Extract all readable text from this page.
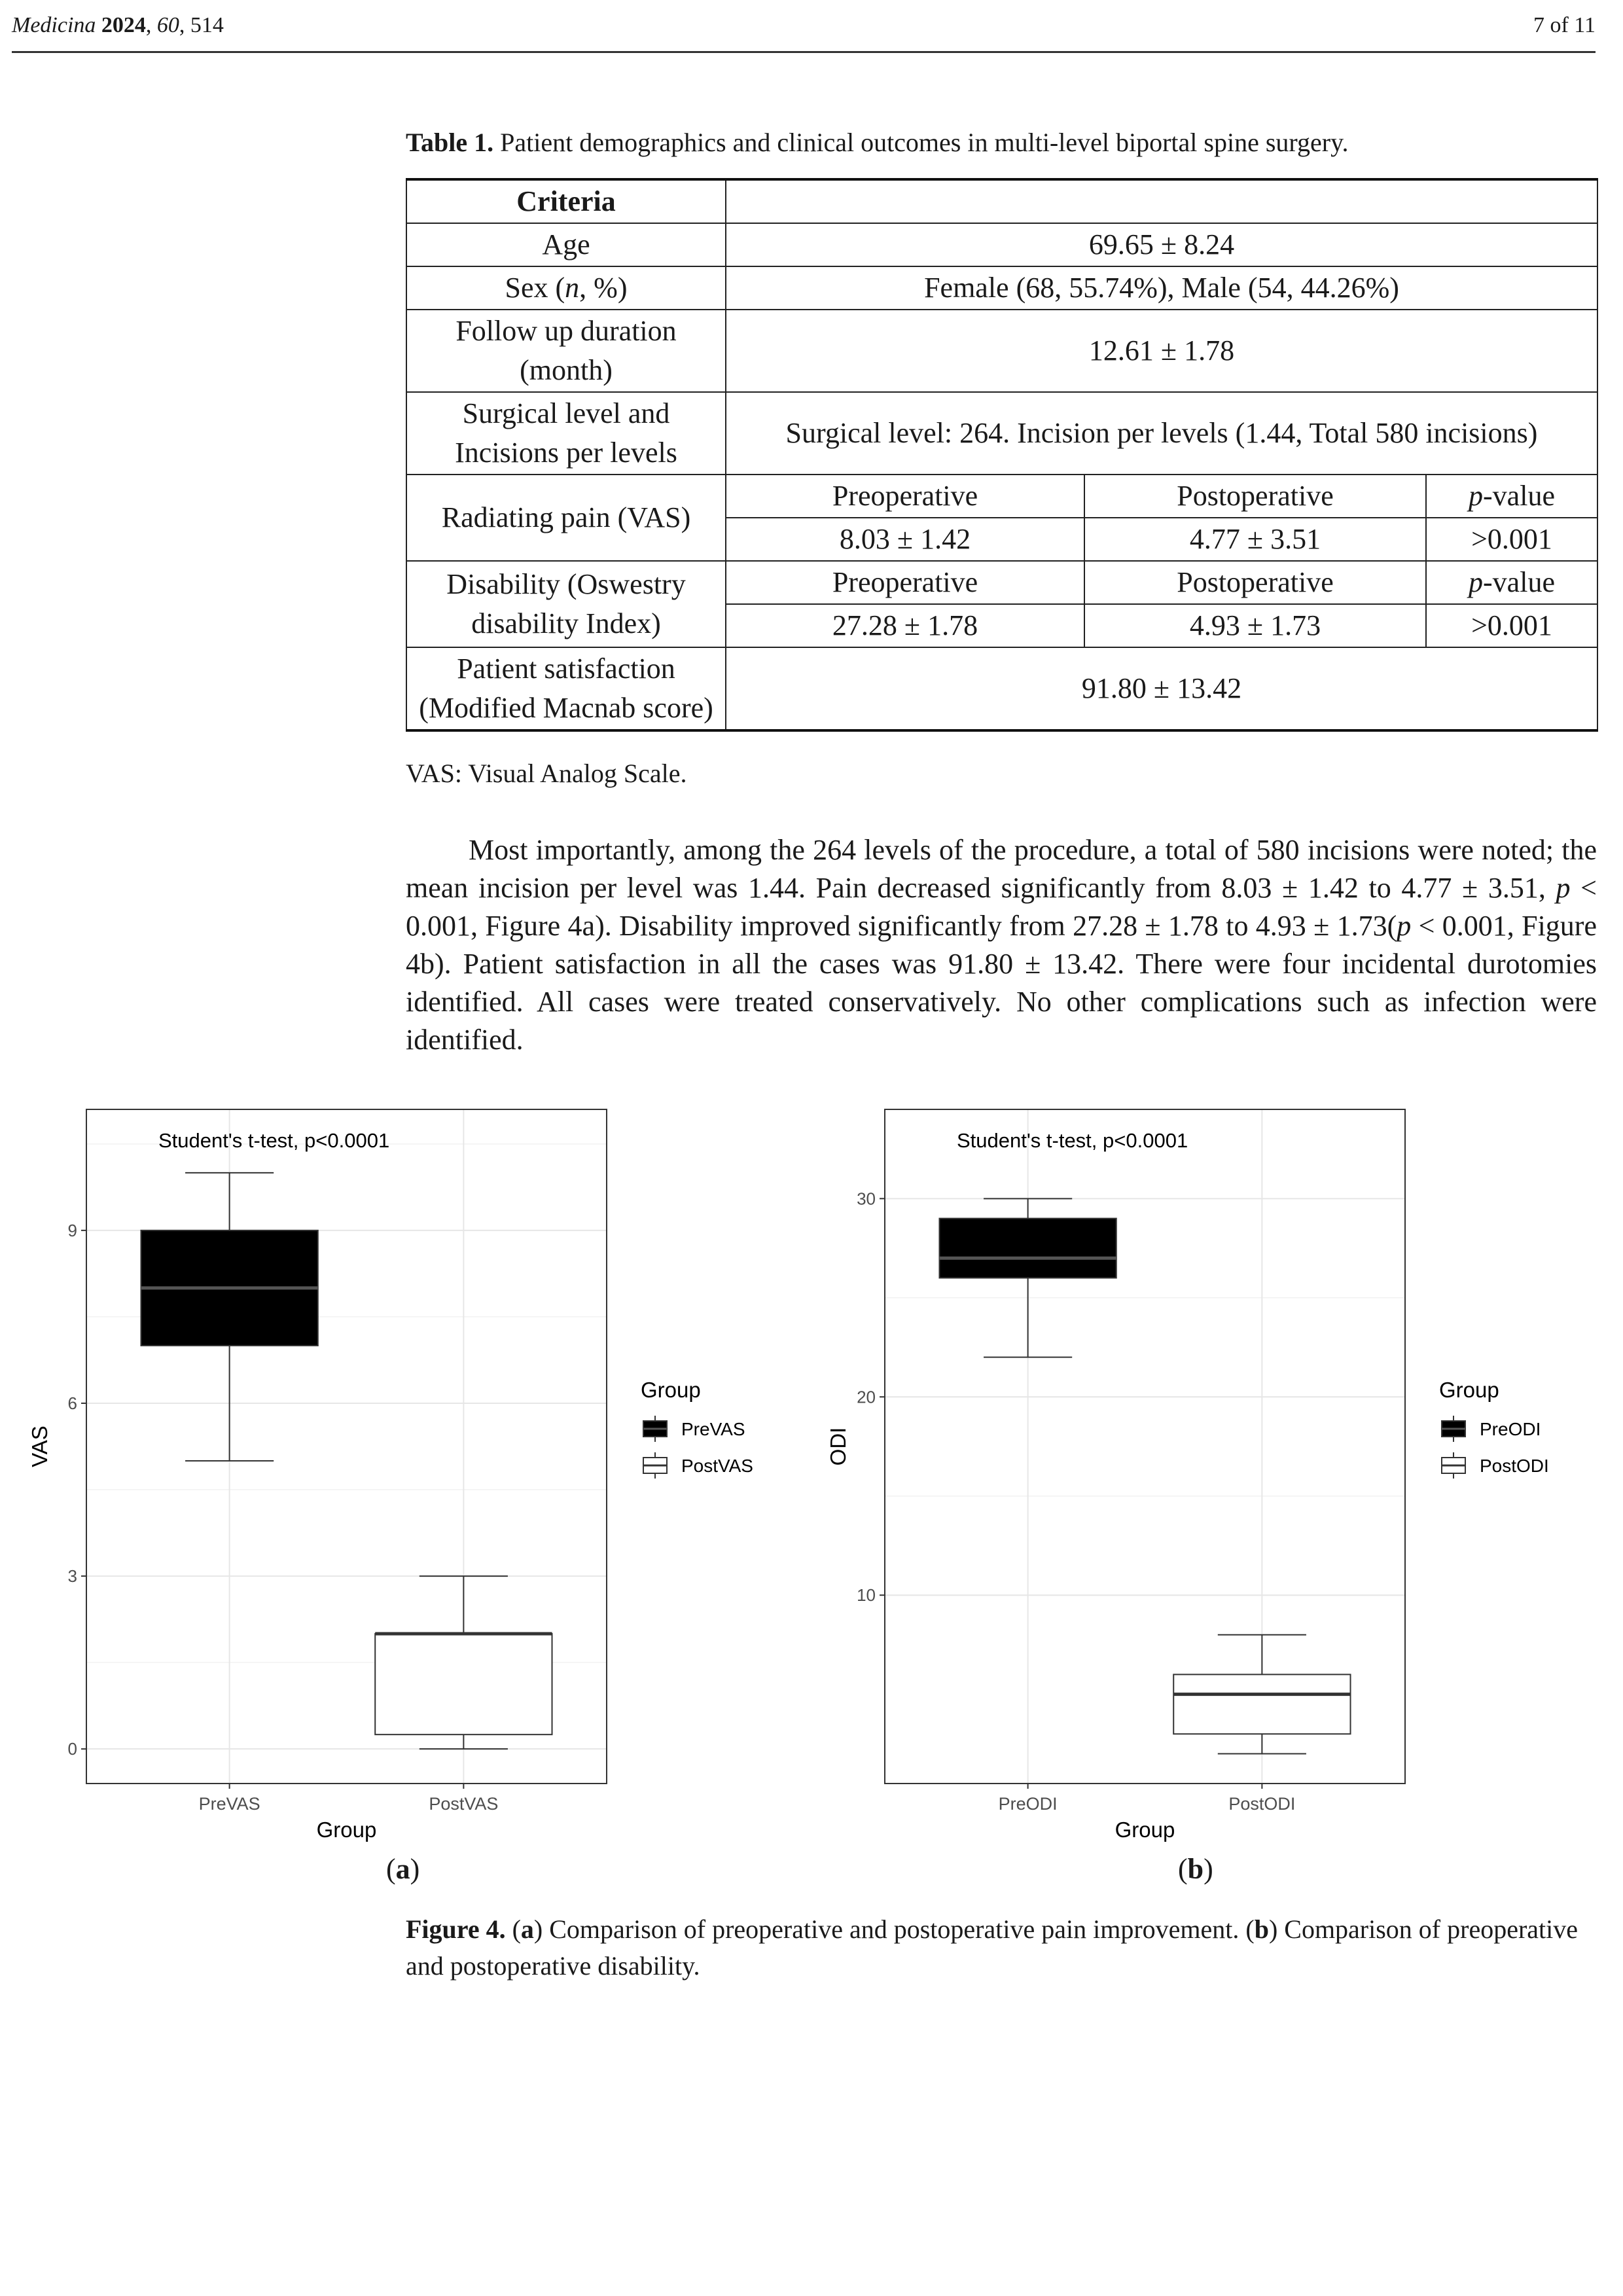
Medicina 2024, 60, 514	7 of 11
Table 1. Patient demographics and clinical outcomes in multi-level biportal spine surgery.
Criteria			
Age	69.65 ± 8.24		
Sex (n, %)	Female (68, 55.74%), Male (54, 44.26%)		
Follow up duration (month)	12.61 ± 1.78		
Surgical level and Incisions per levels	Surgical level: 264. Incision per levels (1.44, Total 580 incisions)		
Radiating pain (VAS)	Preoperative	Postoperative	p-value
	8.03 ± 1.42	4.77 ± 3.51	>0.001
Disability (Oswestry disability Index)	Preoperative	Postoperative	p-value
	27.28 ± 1.78	4.93 ± 1.73	>0.001
Patient satisfaction (Modified Macnab score)	91.80 ± 13.42		
VAS: Visual Analog Scale.
Most importantly, among the 264 levels of the procedure, a total of 580 incisions were noted; the mean incision per level was 1.44. Pain decreased significantly from 8.03 ± 1.42 to 4.77 ± 3.51, p < 0.001, Figure 4a). Disability improved significantly from 27.28 ± 1.78 to 4.93 ± 1.73(p < 0.001, Figure 4b). Patient satisfaction in all the cases was 91.80 ± 13.42. There were four incidental durotomies identified. All cases were treated conservatively. No other complications such as infection were identified.
0
3
6
9
PreVAS	PostVAS
Group
VAS
Student's t-test, p<0.0001
Group
PreVAS
PostVAS
10
20
30
PreODI	PostODI
Group
ODI
Student's t-test, p<0.0001
Group
PreODI
PostODI
(a)	(b)
Figure 4. (a) Comparison of preoperative and postoperative pain improvement. (b) Comparison of preoperative and postoperative disability.
